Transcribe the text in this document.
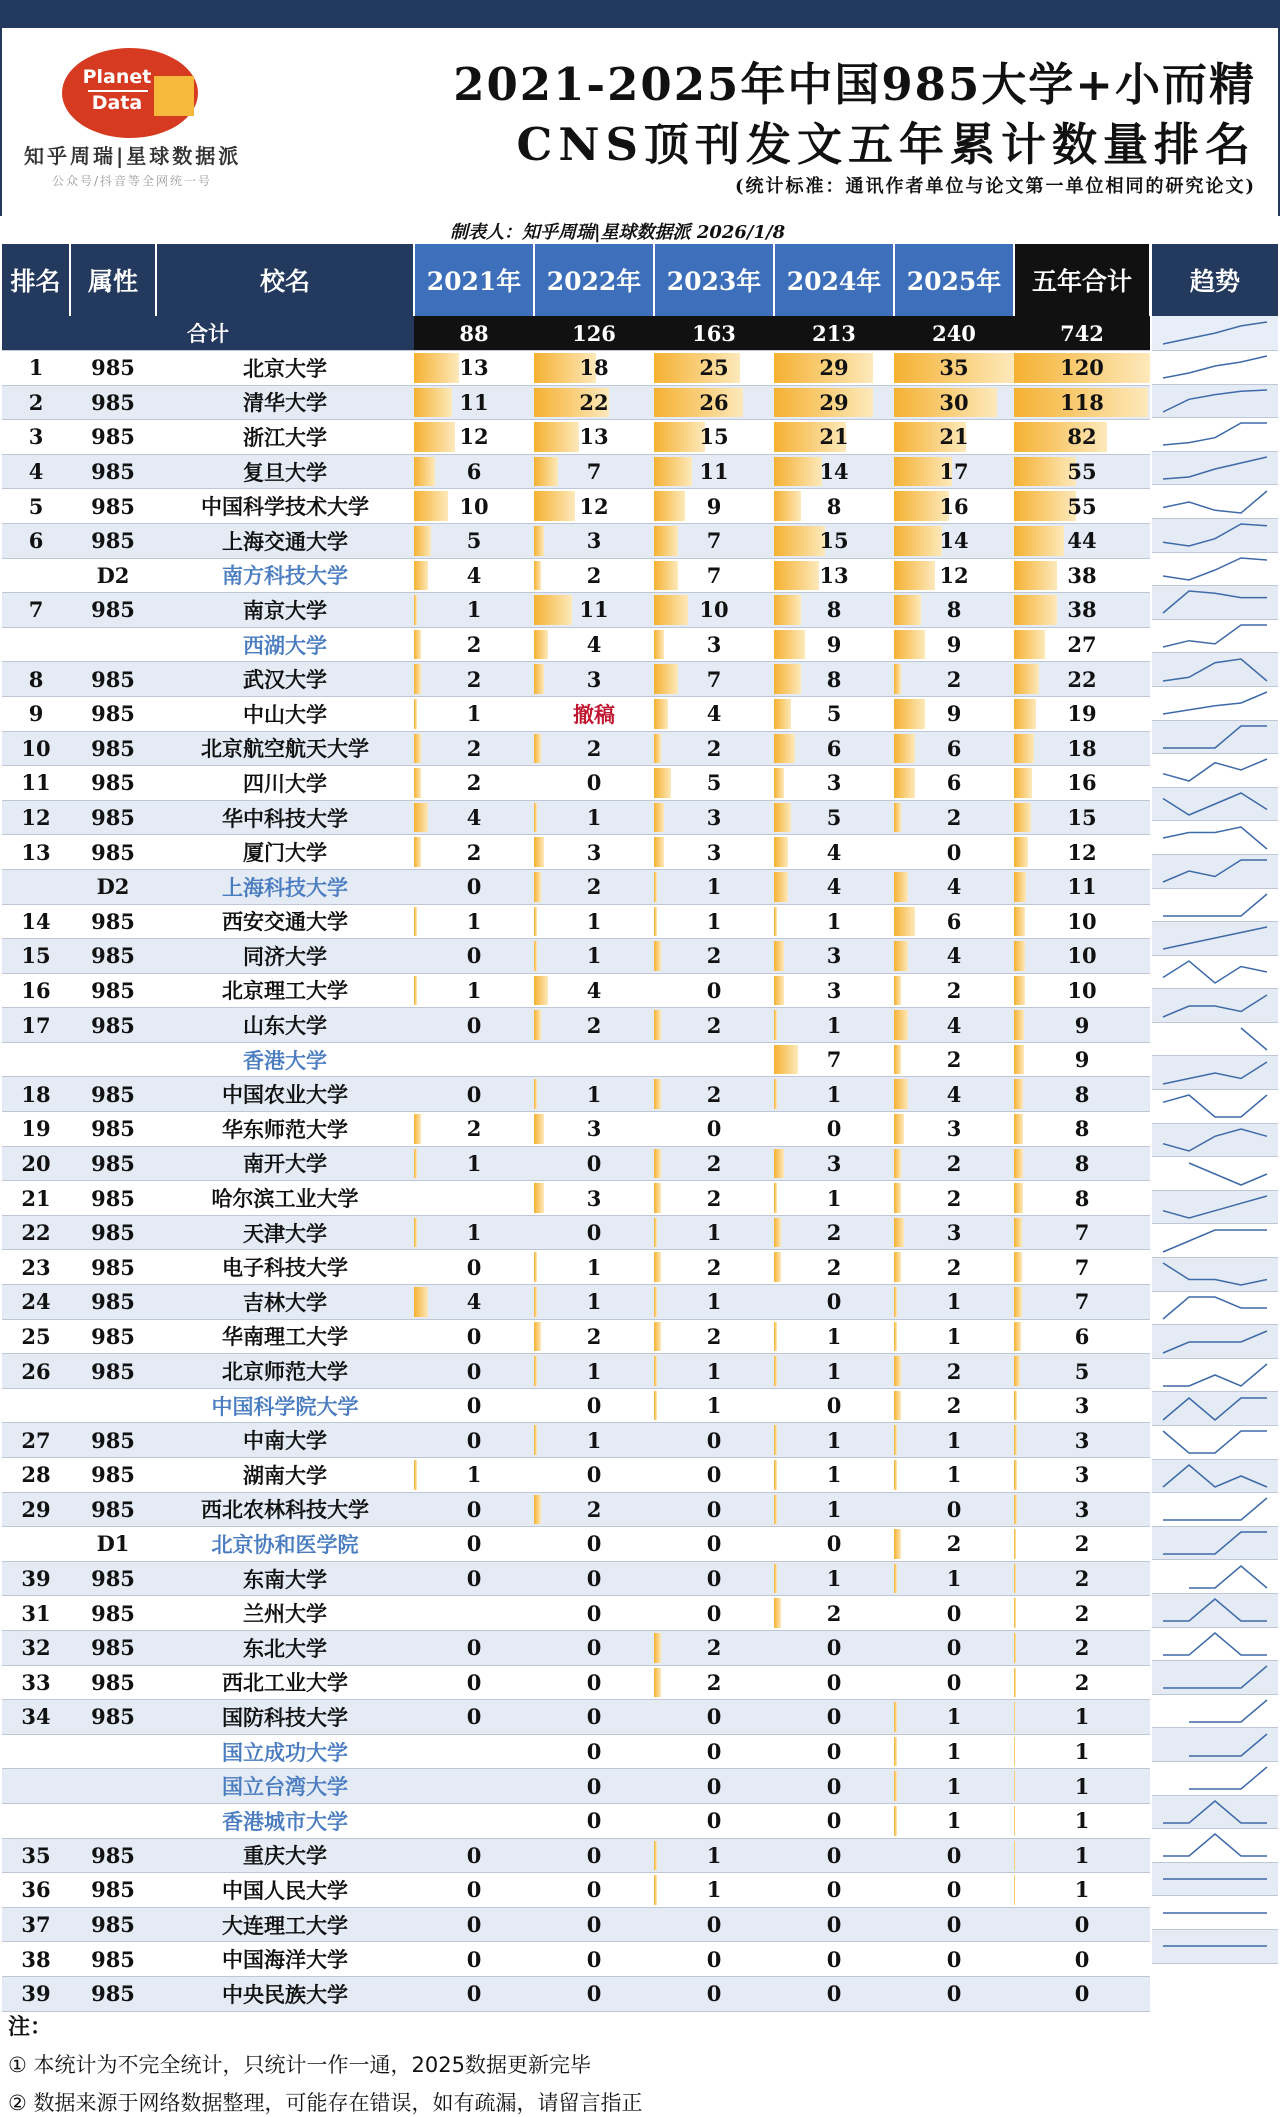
Planet
Data
知乎周瑞|星球数据派
公众号/抖音等全网统一号
2021-2025年中国985大学+小而精
CNS顶刊发文五年累计数量排名
(统计标准：通讯作者单位与论文第一单位相同的研究论文)
制表人：知乎周瑞|星球数据派 2026/1/8
排名	属性	校名	2021年	2022年	2023年	2024年	2025年	五年合计
合计			88	126	163	213	240	742
1	985	北京大学	13	18	25	29	35	120
2	985	清华大学	11	22	26	29	30	118
3	985	浙江大学	12	13	15	21	21	82
4	985	复旦大学	6	7	11	14	17	55
5	985	中国科学技术大学	10	12	9	8	16	55
6	985	上海交通大学	5	3	7	15	14	44
	D2	南方科技大学	4	2	7	13	12	38
7	985	南京大学	1	11	10	8	8	38
		西湖大学	2	4	3	9	9	27
8	985	武汉大学	2	3	7	8	2	22
9	985	中山大学	1	撤稿	4	5	9	19
10	985	北京航空航天大学	2	2	2	6	6	18
11	985	四川大学	2	0	5	3	6	16
12	985	华中科技大学	4	1	3	5	2	15
13	985	厦门大学	2	3	3	4	0	12
	D2	上海科技大学	0	2	1	4	4	11
14	985	西安交通大学	1	1	1	1	6	10
15	985	同济大学	0	1	2	3	4	10
16	985	北京理工大学	1	4	0	3	2	10
17	985	山东大学	0	2	2	1	4	9
		香港大学				7	2	9
18	985	中国农业大学	0	1	2	1	4	8
19	985	华东师范大学	2	3	0	0	3	8
20	985	南开大学	1	0	2	3	2	8
21	985	哈尔滨工业大学		3	2	1	2	8
22	985	天津大学	1	0	1	2	3	7
23	985	电子科技大学	0	1	2	2	2	7
24	985	吉林大学	4	1	1	0	1	7
25	985	华南理工大学	0	2	2	1	1	6
26	985	北京师范大学	0	1	1	1	2	5
		中国科学院大学	0	0	1	0	2	3
27	985	中南大学	0	1	0	1	1	3
28	985	湖南大学	1	0	0	1	1	3
29	985	西北农林科技大学	0	2	0	1	0	3
	D1	北京协和医学院	0	0	0	0	2	2
39	985	东南大学	0	0	0	1	1	2
31	985	兰州大学		0	0	2	0	2
32	985	东北大学	0	0	2	0	0	2
33	985	西北工业大学	0	0	2	0	0	2
34	985	国防科技大学	0	0	0	0	1	1
		国立成功大学		0	0	0	1	1
		国立台湾大学		0	0	0	1	1
		香港城市大学		0	0	0	1	1
35	985	重庆大学	0	0	1	0	0	1
36	985	中国人民大学	0	0	1	0	0	1
37	985	大连理工大学	0	0	0	0	0	0
38	985	中国海洋大学	0	0	0	0	0	0
39	985	中央民族大学	0	0	0	0	0	0
趋势
注：
① 本统计为不完全统计，只统计一作一通，2025数据更新完毕
② 数据来源于网络数据整理，可能存在错误，如有疏漏，请留言指正
